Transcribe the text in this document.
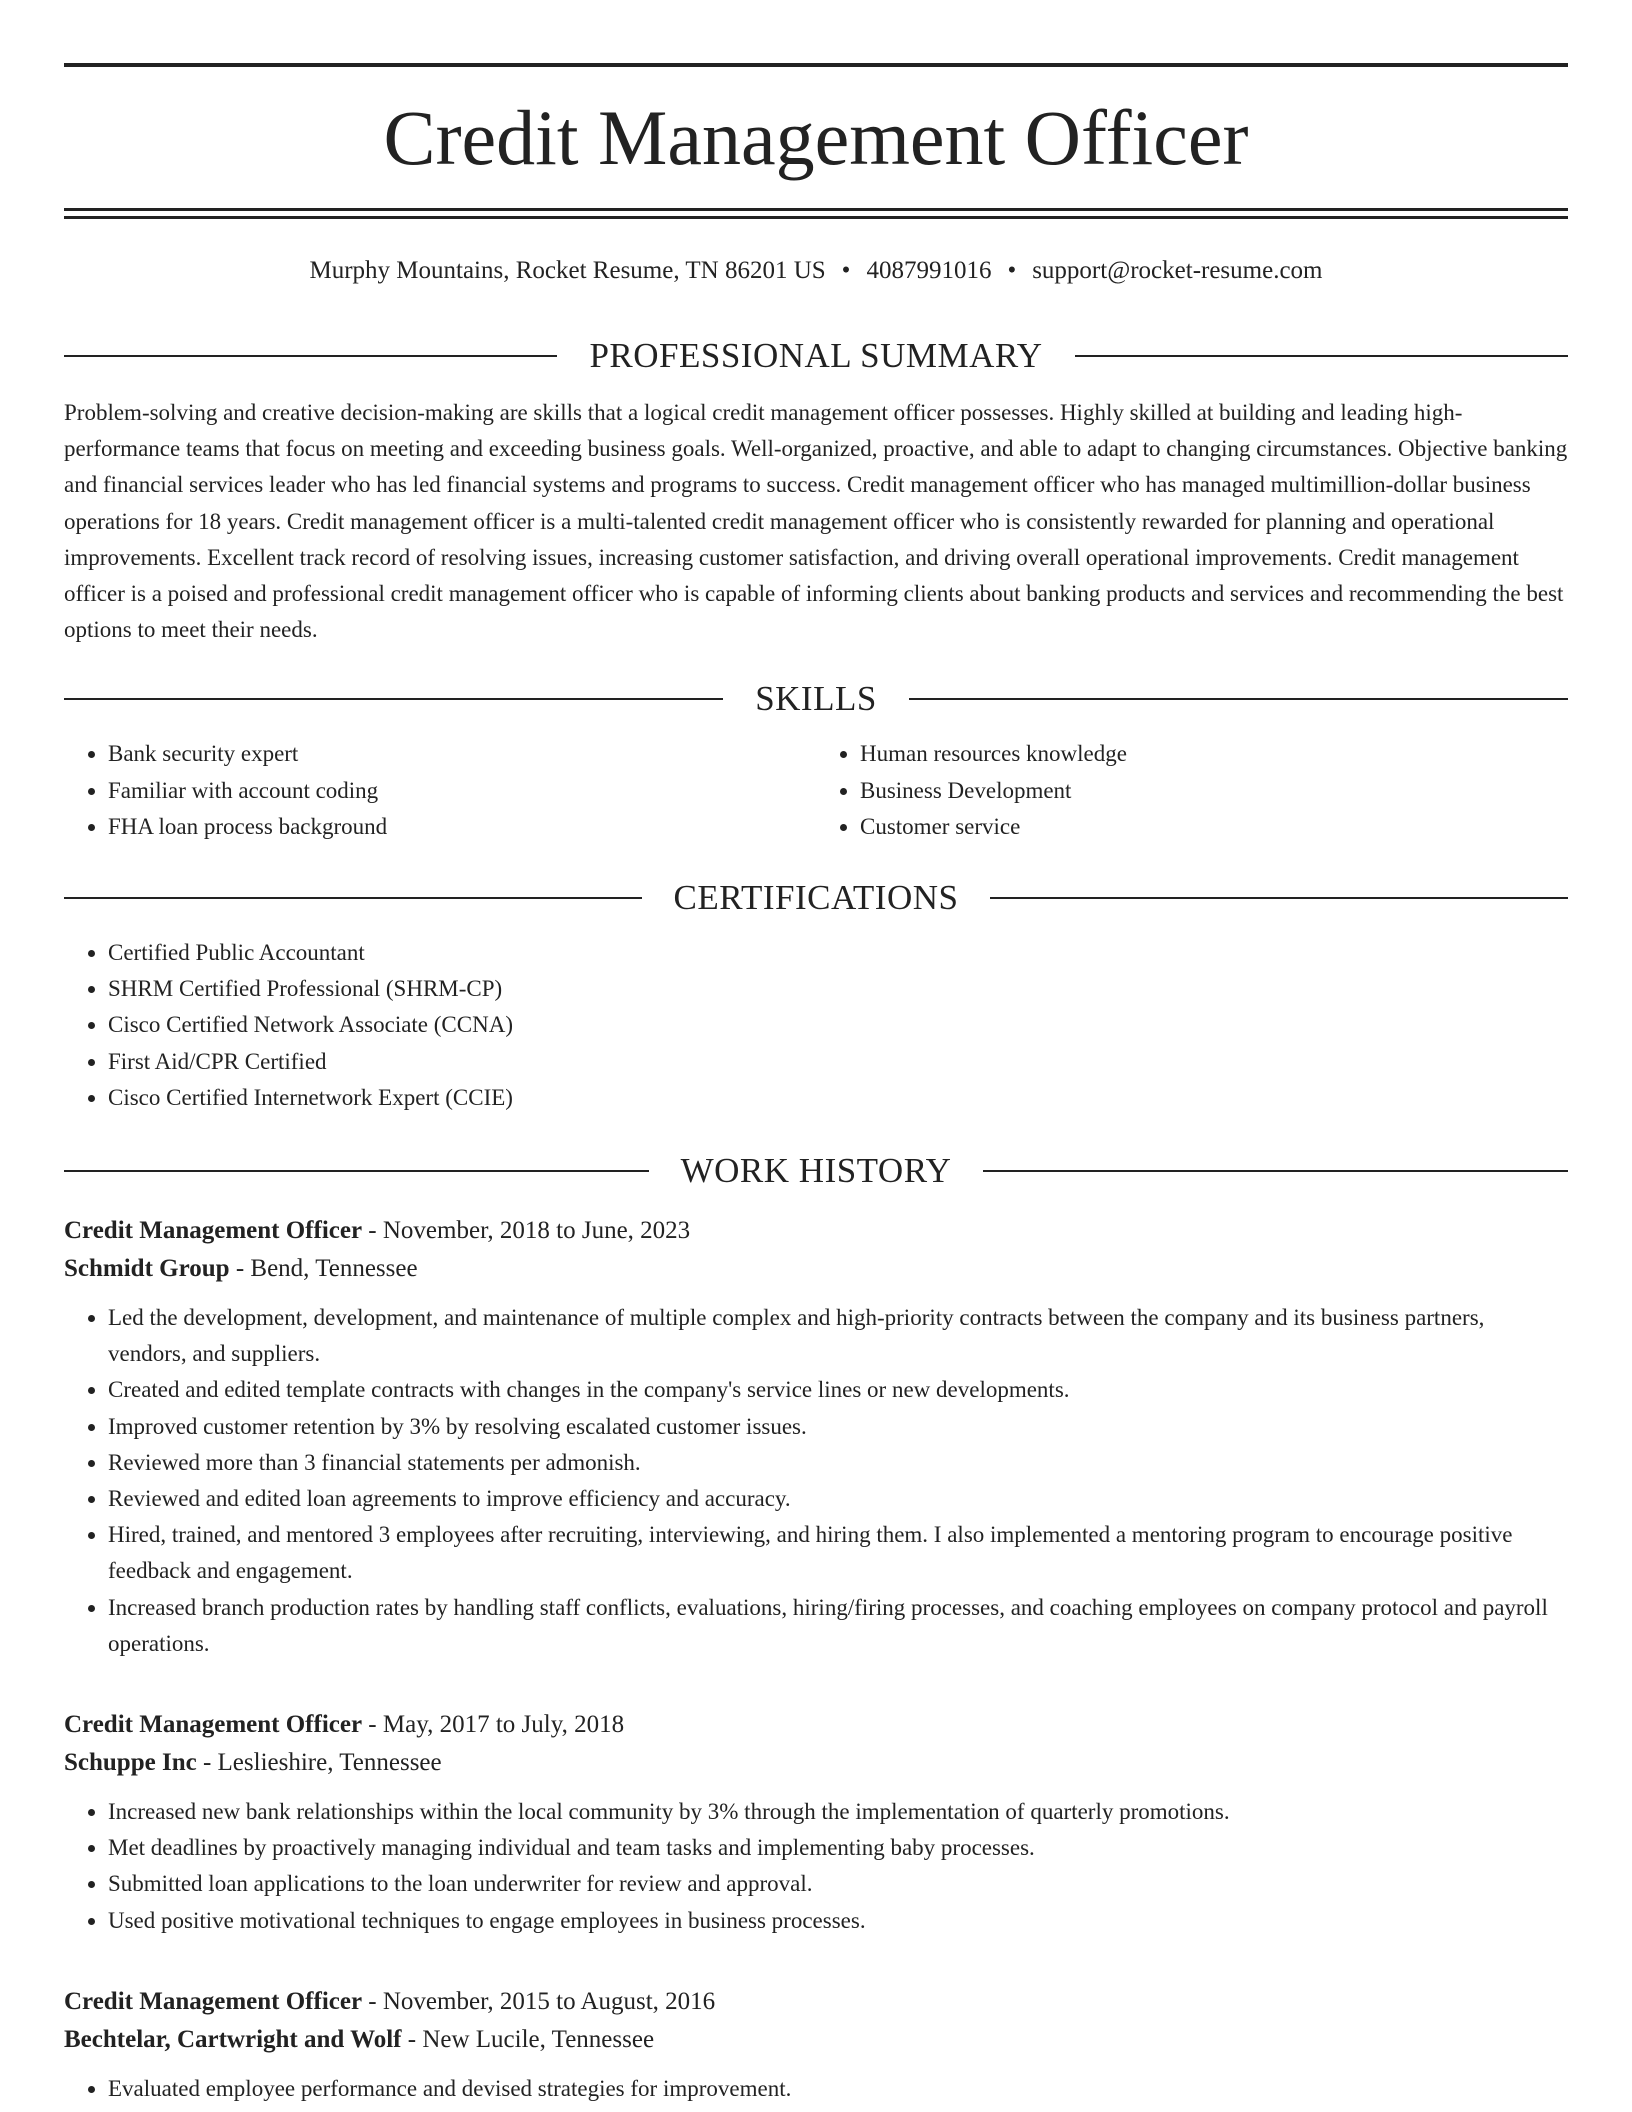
Credit Management Officer
Murphy Mountains, Rocket Resume, TN 86201 US • 4087991016 • support@rocket-resume.com
PROFESSIONAL SUMMARY
Problem-solving and creative decision-making are skills that a logical credit management officer possesses. Highly skilled at building and leading high-performance teams that focus on meeting and exceeding business goals. Well-organized, proactive, and able to adapt to changing circumstances. Objective banking and financial services leader who has led financial systems and programs to success. Credit management officer who has managed multimillion-dollar business operations for 18 years. Credit management officer is a multi-talented credit management officer who is consistently rewarded for planning and operational improvements. Excellent track record of resolving issues, increasing customer satisfaction, and driving overall operational improvements. Credit management officer is a poised and professional credit management officer who is capable of informing clients about banking products and services and recommending the best options to meet their needs.
SKILLS
• Bank security expert
• Familiar with account coding
• FHA loan process background
• Human resources knowledge
• Business Development
• Customer service
CERTIFICATIONS
• Certified Public Accountant
• SHRM Certified Professional (SHRM-CP)
• Cisco Certified Network Associate (CCNA)
• First Aid/CPR Certified
• Cisco Certified Internetwork Expert (CCIE)
WORK HISTORY
Credit Management Officer - November, 2018 to June, 2023
Schmidt Group - Bend, Tennessee
• Led the development, development, and maintenance of multiple complex and high-priority contracts between the company and its business partners, vendors, and suppliers.
• Created and edited template contracts with changes in the company's service lines or new developments.
• Improved customer retention by 3% by resolving escalated customer issues.
• Reviewed more than 3 financial statements per admonish.
• Reviewed and edited loan agreements to improve efficiency and accuracy.
• Hired, trained, and mentored 3 employees after recruiting, interviewing, and hiring them. I also implemented a mentoring program to encourage positive feedback and engagement.
• Increased branch production rates by handling staff conflicts, evaluations, hiring/firing processes, and coaching employees on company protocol and payroll operations.
Credit Management Officer - May, 2017 to July, 2018
Schuppe Inc - Leslieshire, Tennessee
• Increased new bank relationships within the local community by 3% through the implementation of quarterly promotions.
• Met deadlines by proactively managing individual and team tasks and implementing baby processes.
• Submitted loan applications to the loan underwriter for review and approval.
• Used positive motivational techniques to engage employees in business processes.
Credit Management Officer - November, 2015 to August, 2016
Bechtelar, Cartwright and Wolf - New Lucile, Tennessee
• Evaluated employee performance and devised strategies for improvement.
